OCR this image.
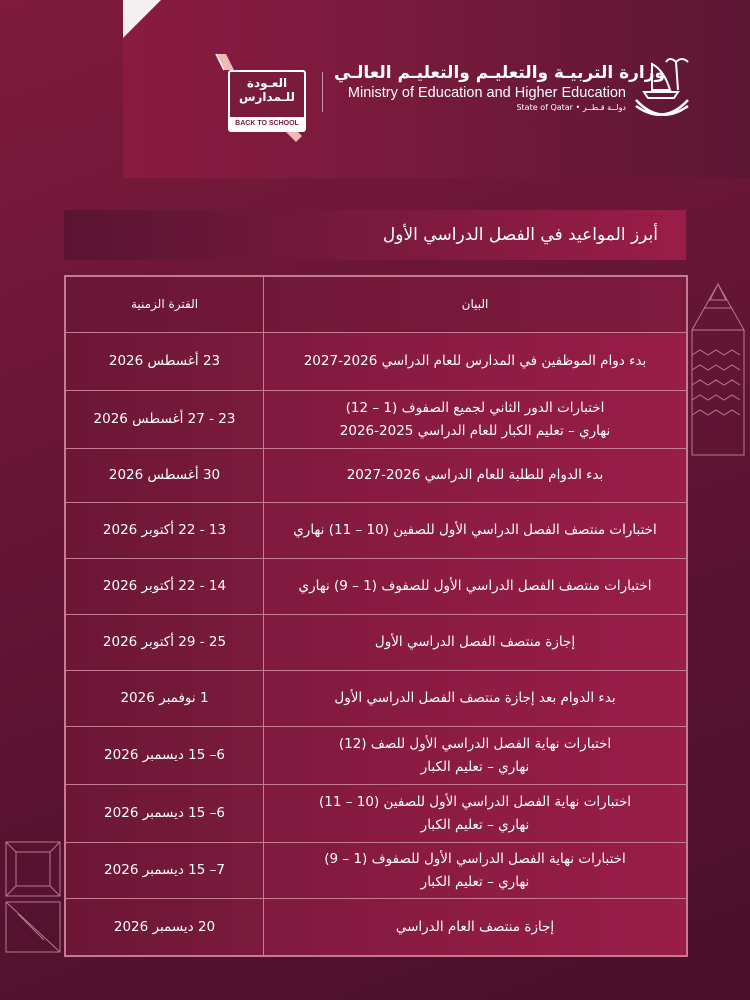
العـودة
للـمدارس
BACK TO SCHOOL
وزارة التربيـة والتعليـم والتعليـم العالـي
Ministry of Education and Higher Education
State of Qatar • دولــة قـطــر
أبرز المواعيد في الفصل الدراسي الأول
البيان
الفترة الزمنية
بدء دوام الموظفين في المدارس للعام الدراسي 2026-2027
23 أغسطس 2026
اختبارات الدور الثاني لجميع الصفوف (1 – 12)
نهاري – تعليم الكبار للعام الدراسي 2025-2026
23 - 27 أغسطس 2026
بدء الدوام للطلبة للعام الدراسي 2026-2027
30 أغسطس 2026
اختبارات منتصف الفصل الدراسي الأول للصفين (10 – 11) نهاري
13 - 22 أكتوبر 2026
اختبارات منتصف الفصل الدراسي الأول للصفوف (1 – 9) نهاري
14 - 22 أكتوبر 2026
إجازة منتصف الفصل الدراسي الأول
25 - 29 أكتوبر 2026
بدء الدوام بعد إجازة منتصف الفصل الدراسي الأول
1 نوفمبر 2026
اختبارات نهاية الفصل الدراسي الأول للصف (12)
نهاري – تعليم الكبار
6– 15 ديسمبر 2026
اختبارات نهاية الفصل الدراسي الأول للصفين (10 – 11)
نهاري – تعليم الكبار
6– 15 ديسمبر 2026
اختبارات نهاية الفصل الدراسي الأول للصفوف (1 – 9)
نهاري – تعليم الكبار
7– 15 ديسمبر 2026
إجازة منتصف العام الدراسي
20 ديسمبر 2026
